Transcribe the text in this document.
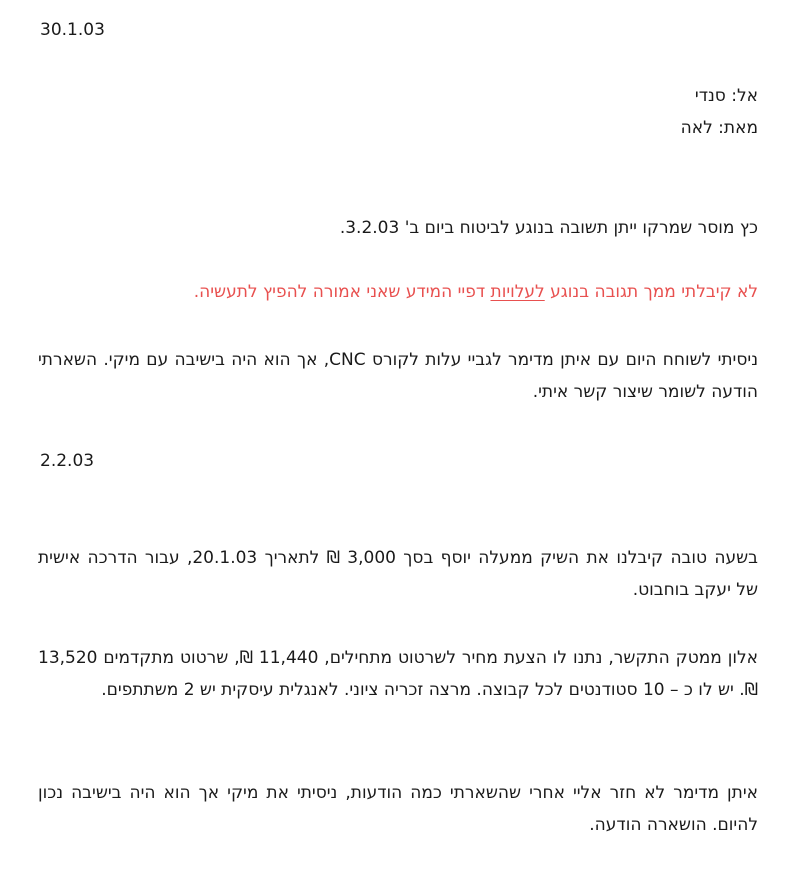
30.1.03
אל: סנדי
מאת: לאה
כץ מוסר שמרקו ייתן תשובה בנוגע לביטוח ביום ב' 3.2.03.
לא קיבלתי ממך תגובה בנוגע לעלויות דפיי המידע שאני אמורה להפיץ לתעשיה.
ניסיתי לשוחח היום עם איתן מדימר לגביי עלות לקורס CNC, אך הוא היה בישיבה עם מיקי. השארתי הודעה לשומר שיצור קשר איתי.
2.2.03
בשעה טובה קיבלנו את השיק ממעלה יוסף בסך 3,000 ₪ לתאריך 20.1.03, עבור הדרכה אישית של יעקב בוחבוט.
אלון ממטק התקשר, נתנו לו הצעת מחיר לשרטוט מתחילים, 11,440 ₪, שרטוט מתקדמים 13,520 ₪. יש לו כ – 10 סטודנטים לכל קבוצה. מרצה זכריה ציוני. לאנגלית עיסקית יש 2 משתתפים.
איתן מדימר לא חזר אליי אחרי שהשארתי כמה הודעות, ניסיתי את מיקי אך הוא היה בישיבה נכון להיום. הושארה הודעה.
